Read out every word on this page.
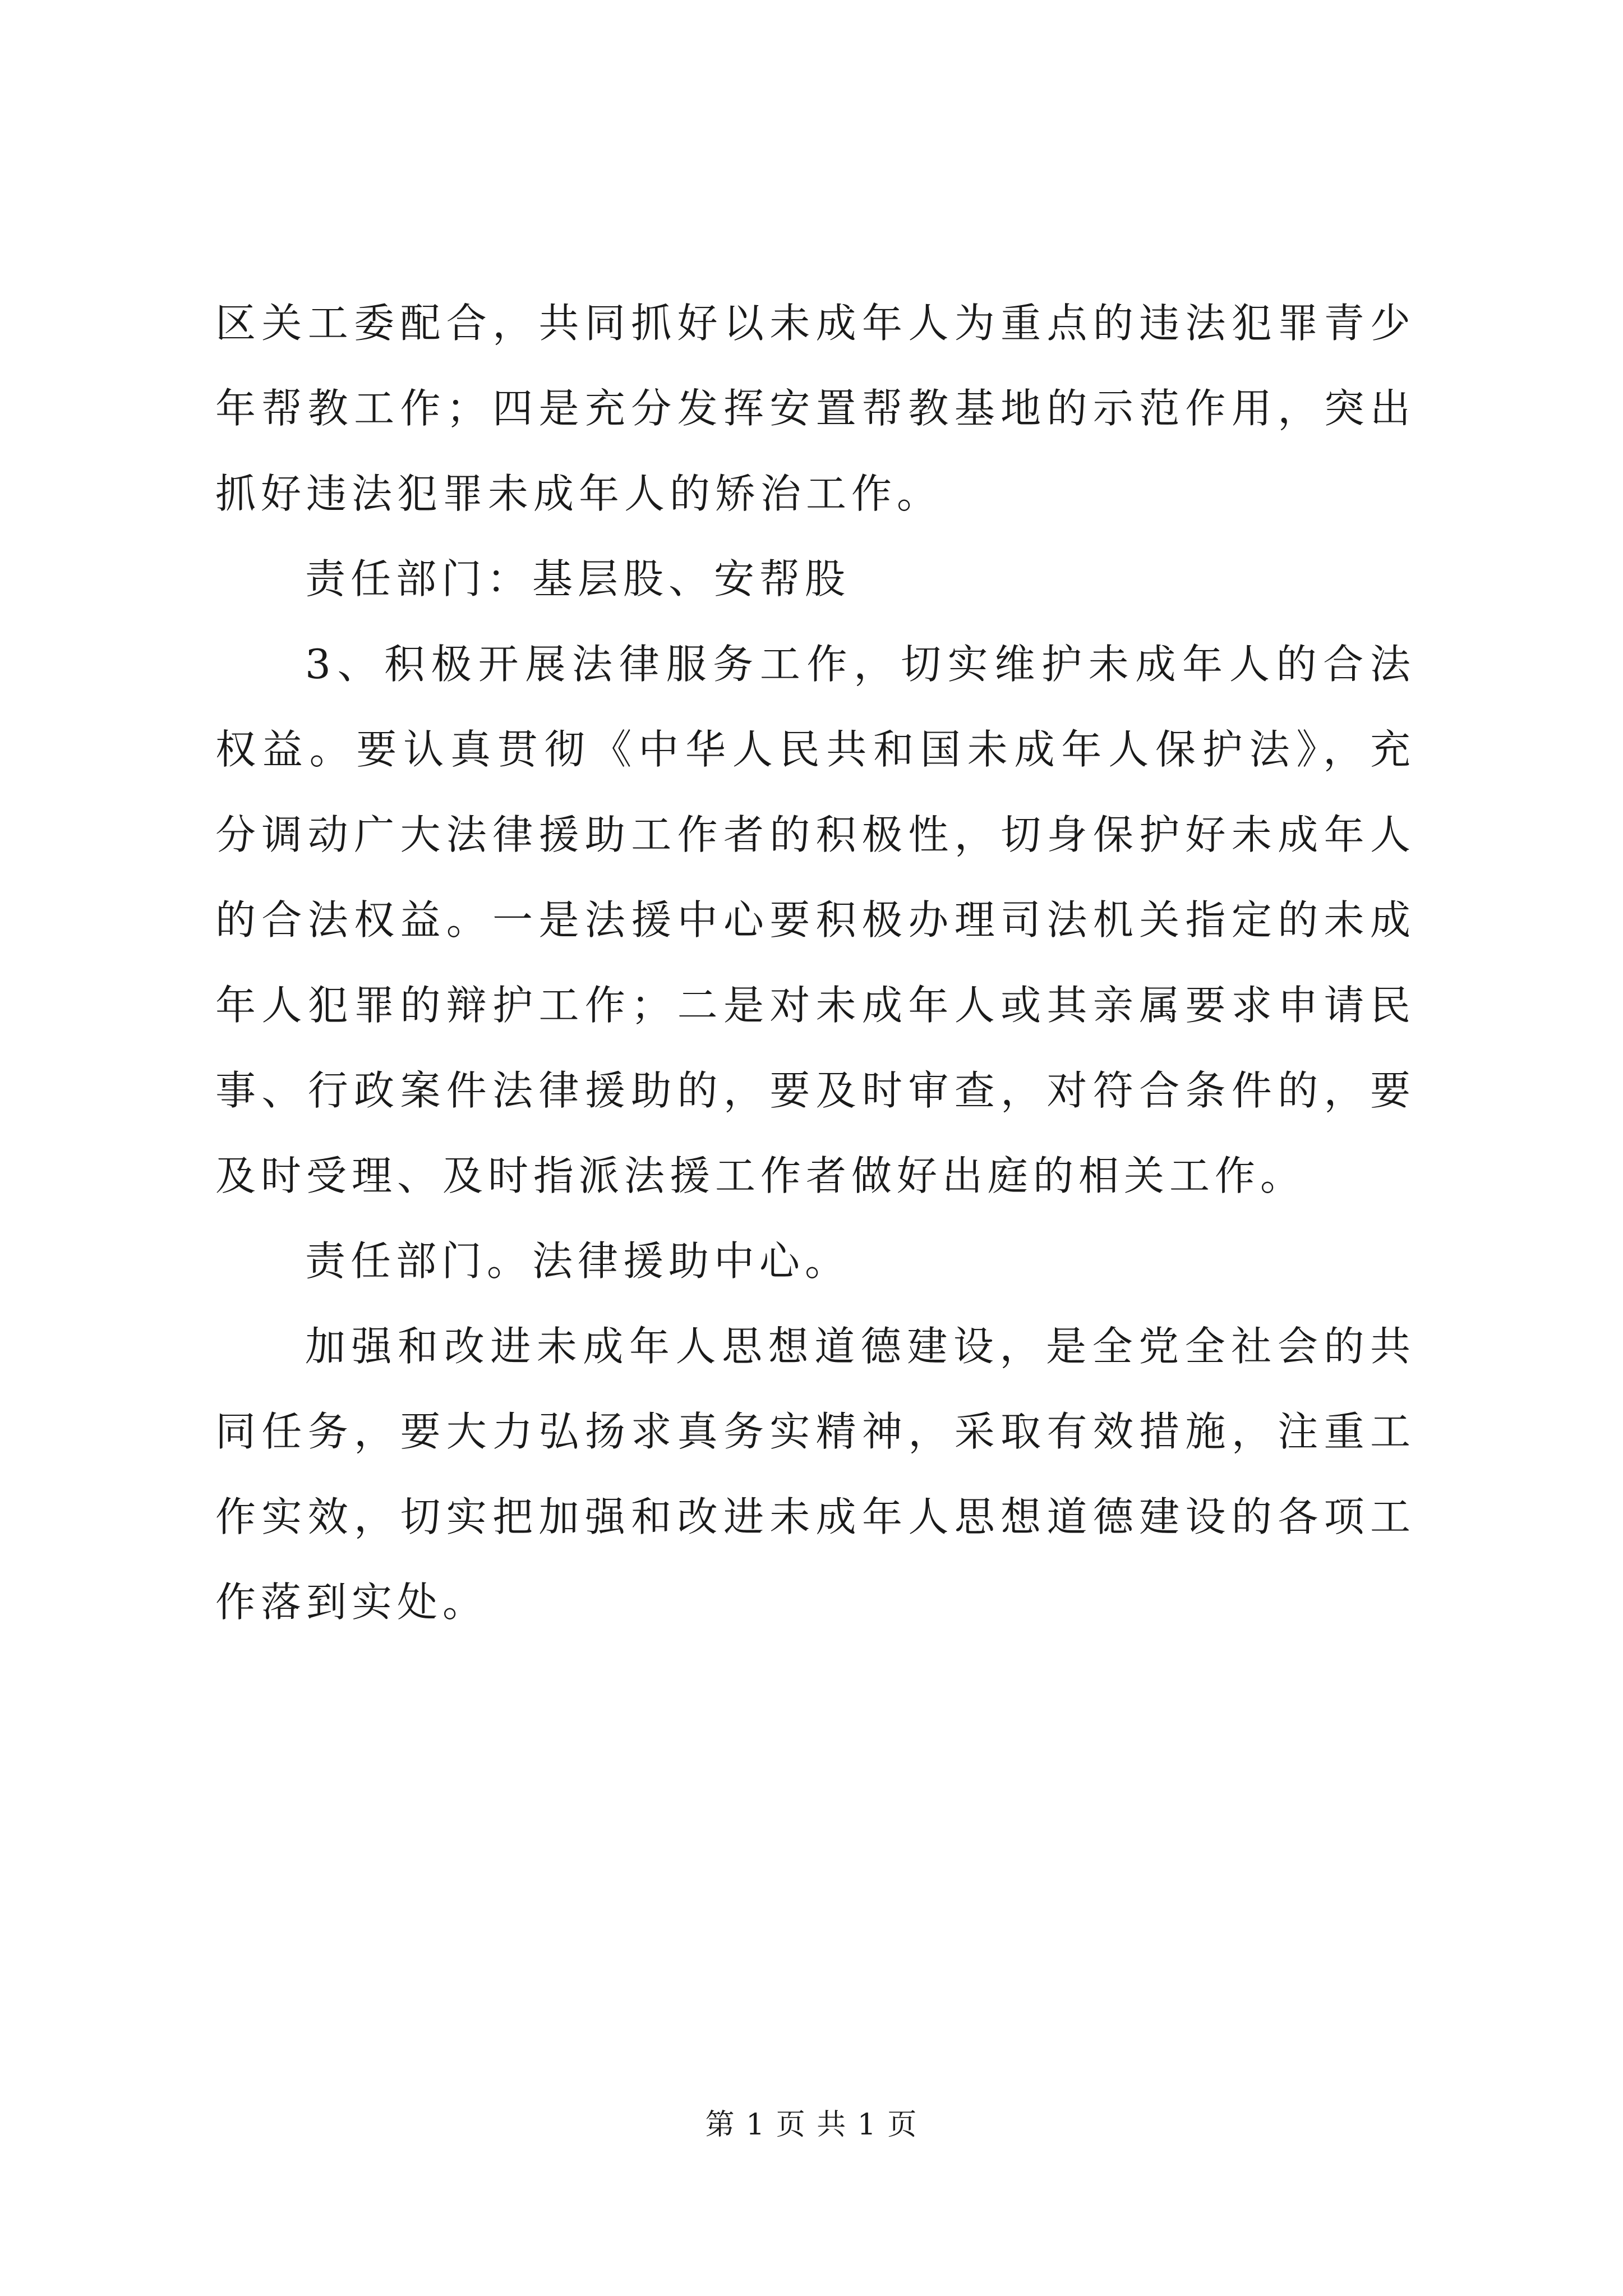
区关工委配合，共同抓好以未成年人为重点的违法犯罪青少年帮教工作；四是充分发挥安置帮教基地的示范作用，突出抓好违法犯罪未成年人的矫治工作。

责任部门：基层股、安帮股

3、积极开展法律服务工作，切实维护未成年人的合法权益。要认真贯彻《中华人民共和国未成年人保护法》，充分调动广大法律援助工作者的积极性，切身保护好未成年人的合法权益。一是法援中心要积极办理司法机关指定的未成年人犯罪的辩护工作；二是对未成年人或其亲属要求申请民事、行政案件法律援助的，要及时审查，对符合条件的，要及时受理、及时指派法援工作者做好出庭的相关工作。

责任部门。法律援助中心。

加强和改进未成年人思想道德建设，是全党全社会的共同任务，要大力弘扬求真务实精神，采取有效措施，注重工作实效，切实把加强和改进未成年人思想道德建设的各项工作落到实处。

第 1 页 共 1 页
